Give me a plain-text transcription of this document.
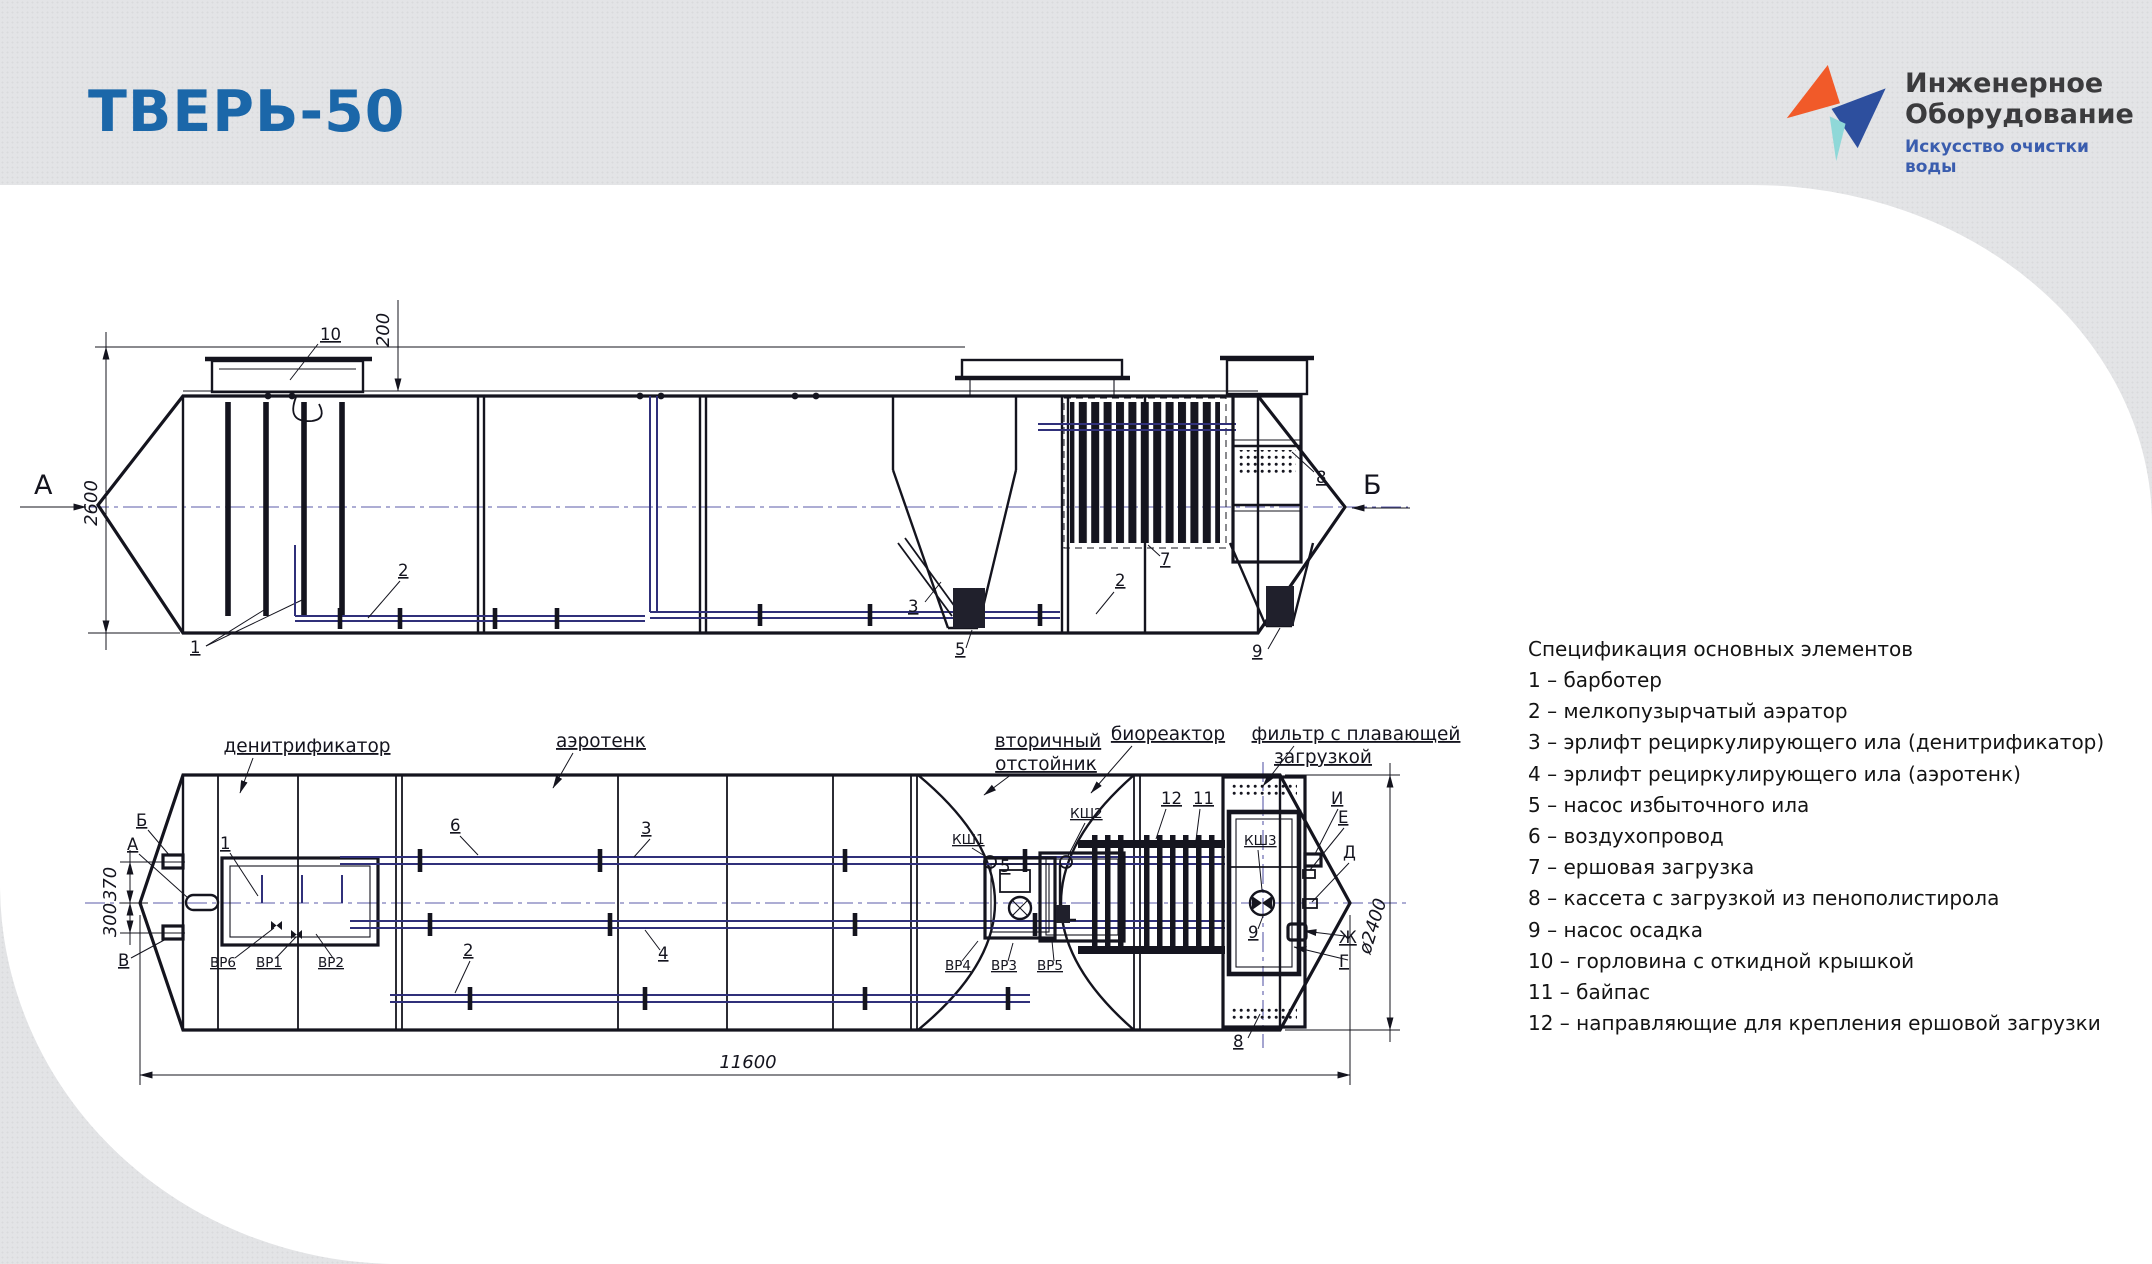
ТВЕРЬ-50	Инженерное
Оборудование
Искусство очистки воды

Спецификация основных элементов

1 – барботер
2 – мелкопузырчатый аэратор
3 – эрлифт рециркулирующего ила (денитрификатор)
4 – эрлифт рециркулирующего ила (аэротенк)
5 – насос избыточного ила
6 – воздухопровод
7 – ершовая загрузка
8 – кассета с загрузкой из пенополистирола
9 – насос осадка
10 – горловина с откидной крышкой
11 – байпас
12 – направляющие для крепления ершовой загрузки
А 2600
200
10
1
2
3
5
7
2
8
9
Б
денитрификатор	аэротенк	вторичный
отстойник
биореактор фильтр с плавающей
загрузкой
1
6	3
4
2
Б
А
В
370
300
ВР6 ВР1	ВР2
КШ1
5
ВР4 ВР3 ВР5
КШ2
12 11
КШ3
9
8
И
Е
Д
Ж
Г
ø2400
11600
